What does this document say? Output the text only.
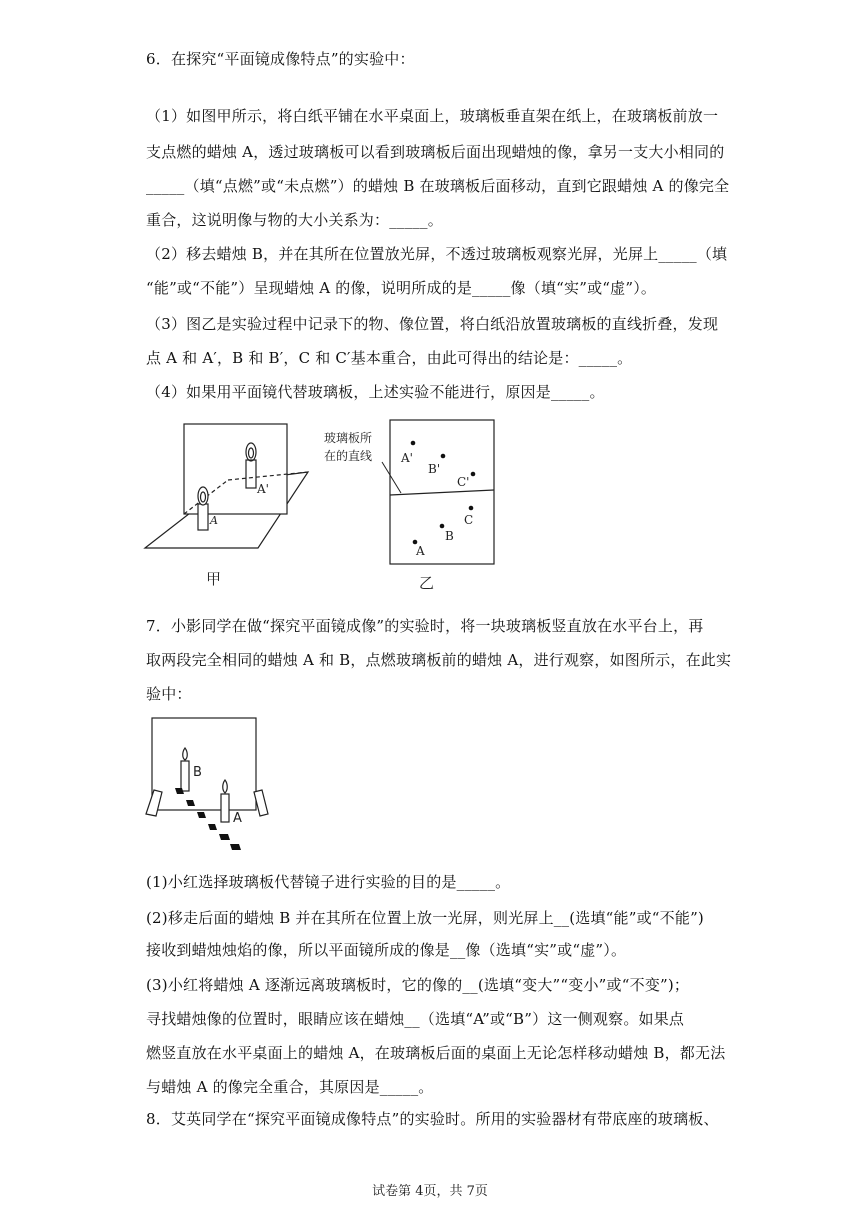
6．在探究“平面镜成像特点”的实验中：
（1）如图甲所示，将白纸平铺在水平桌面上，玻璃板垂直架在纸上，在玻璃板前放一
支点燃的蜡烛 A，透过玻璃板可以看到玻璃板后面出现蜡烛的像，拿另一支大小相同的
_____（填“点燃”或“未点燃”）的蜡烛 B 在玻璃板后面移动，直到它跟蜡烛 A 的像完全
重合，这说明像与物的大小关系为：_____。
（2）移去蜡烛 B，并在其所在位置放光屏，不透过玻璃板观察光屏，光屏上_____（填
“能”或“不能”）呈现蜡烛 A 的像，说明所成的是_____像（填“实”或“虚”）。
（3）图乙是实验过程中记录下的物、像位置，将白纸沿放置玻璃板的直线折叠，发现
点 A 和 A′，B 和 B′，C 和 C′基本重合，由此可得出的结论是：_____。
（4）如果用平面镜代替玻璃板，上述实验不能进行，原因是_____。
A'
A
甲
玻璃板所
在的直线 A'
B'
C'
C
B
A
乙
7．小影同学在做“探究平面镜成像”的实验时，将一块玻璃板竖直放在水平台上，再
取两段完全相同的蜡烛 A 和 B，点燃玻璃板前的蜡烛 A，进行观察，如图所示，在此实
验中：
B
A
(1)小红选择玻璃板代替镜子进行实验的目的是_____。
(2)移走后面的蜡烛 B 并在其所在位置上放一光屏，则光屏上__(选填“能”或“不能”)
接收到蜡烛烛焰的像，所以平面镜所成的像是__像（选填“实”或“虚”）。
(3)小红将蜡烛 A 逐渐远离玻璃板时，它的像的__(选填“变大”“变小”或“不变”)；
寻找蜡烛像的位置时，眼睛应该在蜡烛__（选填“A”或“B”）这一侧观察。如果点
燃竖直放在水平桌面上的蜡烛 A，在玻璃板后面的桌面上无论怎样移动蜡烛 B，都无法
与蜡烛 A 的像完全重合，其原因是_____。
8．艾英同学在“探究平面镜成像特点”的实验时。所用的实验器材有带底座的玻璃板、
试卷第 4页，共 7页
